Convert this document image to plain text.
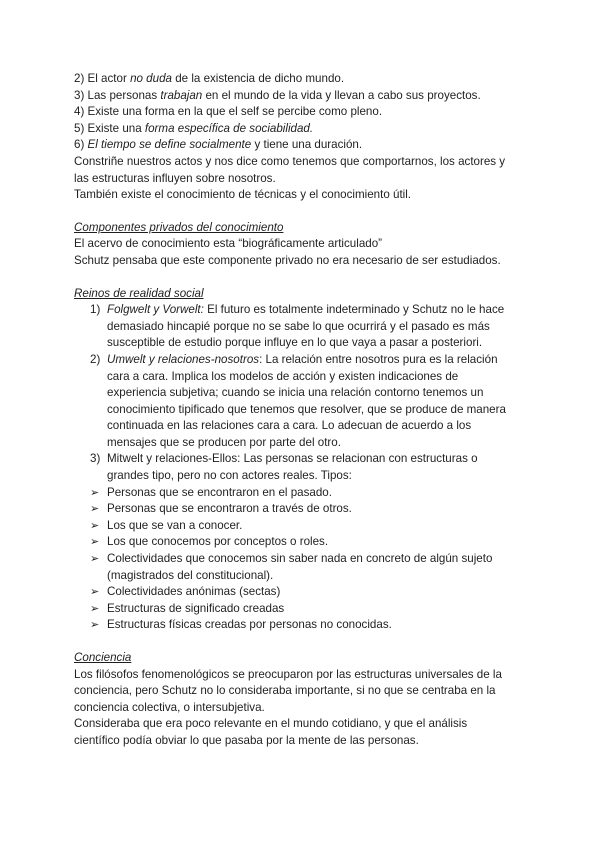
2) El actor no duda de la existencia de dicho mundo.
3) Las personas trabajan en el mundo de la vida y llevan a cabo sus proyectos.
4) Existe una forma en la que el self se percibe como pleno.
5) Existe una forma específica de sociabilidad.
6) El tiempo se define socialmente y tiene una duración.
Constriñe nuestros actos y nos dice como tenemos que comportarnos, los actores y
las estructuras influyen sobre nosotros.
También existe el conocimiento de técnicas y el conocimiento útil.
Componentes privados del conocimiento
El acervo de conocimiento esta “biográficamente articulado”
Schutz pensaba que este componente privado no era necesario de ser estudiados.
Reinos de realidad social
1) Folgwelt y Vorwelt: El futuro es totalmente indeterminado y Schutz no le hace
demasiado hincapié porque no se sabe lo que ocurrirá y el pasado es más
susceptible de estudio porque influye en lo que vaya a pasar a posteriori.
2) Umwelt y relaciones-nosotros: La relación entre nosotros pura es la relación
cara a cara. Implica los modelos de acción y existen indicaciones de
experiencia subjetiva; cuando se inicia una relación contorno tenemos un
conocimiento tipificado que tenemos que resolver, que se produce de manera
continuada en las relaciones cara a cara. Lo adecuan de acuerdo a los
mensajes que se producen por parte del otro.
3) Mitwelt y relaciones-Ellos: Las personas se relacionan con estructuras o
grandes tipo, pero no con actores reales. Tipos:
➢ Personas que se encontraron en el pasado.
➢ Personas que se encontraron a través de otros.
➢ Los que se van a conocer.
➢ Los que conocemos por conceptos o roles.
➢ Colectividades que conocemos sin saber nada en concreto de algún sujeto
(magistrados del constitucional).
➢ Colectividades anónimas (sectas)
➢ Estructuras de significado creadas
➢ Estructuras físicas creadas por personas no conocidas.
Conciencia
Los filósofos fenomenológicos se preocuparon por las estructuras universales de la
conciencia, pero Schutz no lo consideraba importante, si no que se centraba en la
conciencia colectiva, o intersubjetiva.
Consideraba que era poco relevante en el mundo cotidiano, y que el análisis
científico podía obviar lo que pasaba por la mente de las personas.
